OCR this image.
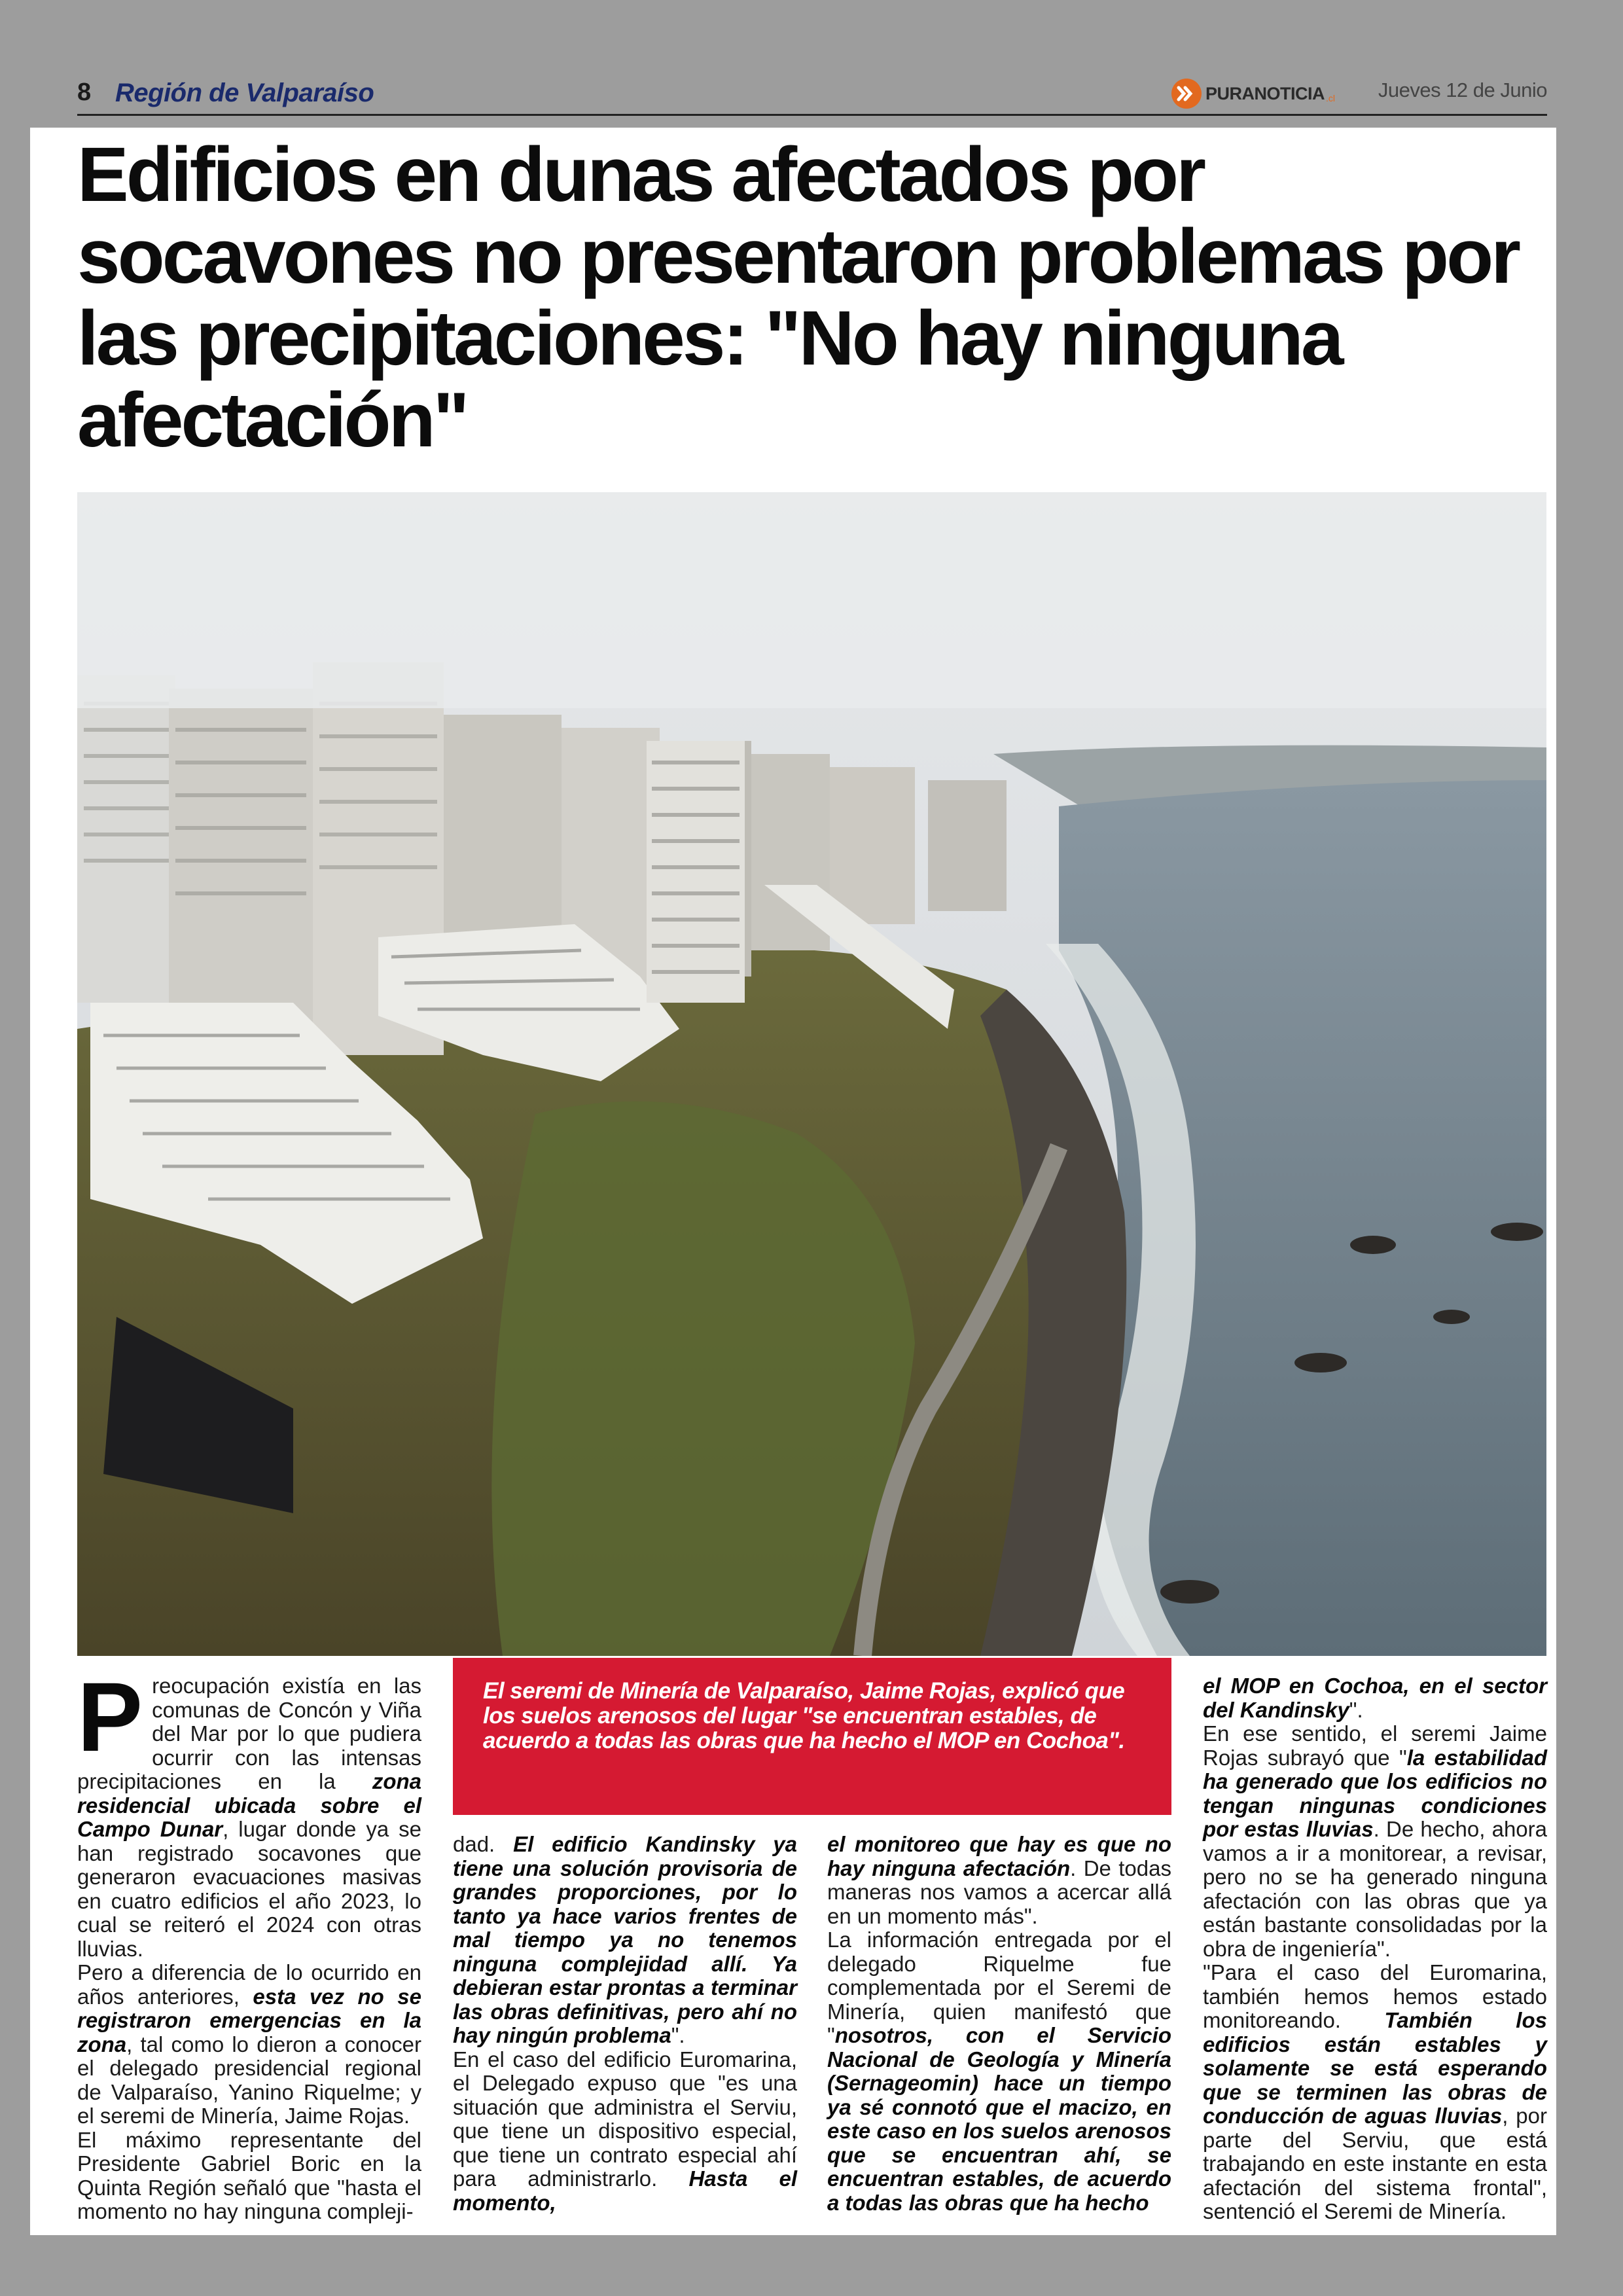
8 Región de Valparaíso	PURANOTICIA .cl Jueves 12 de Junio
Edificios en dunas afectados por socavones no presentaron problemas por las precipitaciones: "No hay ninguna afectación"

Preocupación existía en las comunas de Concón y Viña del Mar por lo que pudiera ocurrir con las intensas precipitaciones en la zona residencial ubicada sobre el Campo Dunar, lugar donde ya se han registrado socavones que generaron evacuaciones masivas en cuatro edificios el año 2023, lo cual se reiteró el 2024 con otras lluvias.

Pero a diferencia de lo ocurrido en años anteriores, esta vez no se registraron emergencias en la zona, tal como lo dieron a conocer el delegado presidencial regional de Valparaíso, Yanino Riquelme; y el seremi de Minería, Jaime Rojas.

El máximo representante del Presidente Gabriel Boric en la Quinta Región señaló que "hasta el momento no hay ninguna compleji-

El seremi de Minería de Valparaíso, Jaime Rojas, explicó que los suelos arenosos del lugar "se encuentran estables, de acuerdo a todas las obras que ha hecho el MOP en Cochoa".

dad. El edificio Kandinsky ya tiene una solución provisoria de grandes proporciones, por lo tanto ya hace varios frentes de mal tiempo ya no tenemos ninguna complejidad allí. Ya debieran estar prontas a terminar las obras definitivas, pero ahí no hay ningún problema".

En el caso del edificio Euromarina, el Delegado expuso que "es una situación que administra el Serviu, que tiene un dispositivo especial, que tiene un contrato especial ahí para administrarlo. Hasta el momento,

el monitoreo que hay es que no hay ninguna afectación. De todas maneras nos vamos a acercar allá en un momento más".

La información entregada por el delegado Riquelme fue complementada por el Seremi de Minería, quien manifestó que "nosotros, con el Servicio Nacional de Geología y Minería (Sernageomin) hace un tiempo ya sé connotó que el macizo, en este caso en los suelos arenosos que se encuentran ahí, se encuentran estables, de acuerdo a todas las obras que ha hecho

el MOP en Cochoa, en el sector del Kandinsky".

En ese sentido, el seremi Jaime Rojas subrayó que "la estabilidad ha generado que los edificios no tengan ningunas condiciones por estas lluvias. De hecho, ahora vamos a ir a monitorear, a revisar, pero no se ha generado ninguna afectación con las obras que ya están bastante consolidadas por la obra de ingeniería".

"Para el caso del Euromarina, también hemos hemos estado monitoreando. También los edificios están estables y solamente se está esperando que se terminen las obras de conducción de aguas lluvias, por parte del Serviu, que está trabajando en este instante en esta afectación del sistema frontal", sentenció el Seremi de Minería.
